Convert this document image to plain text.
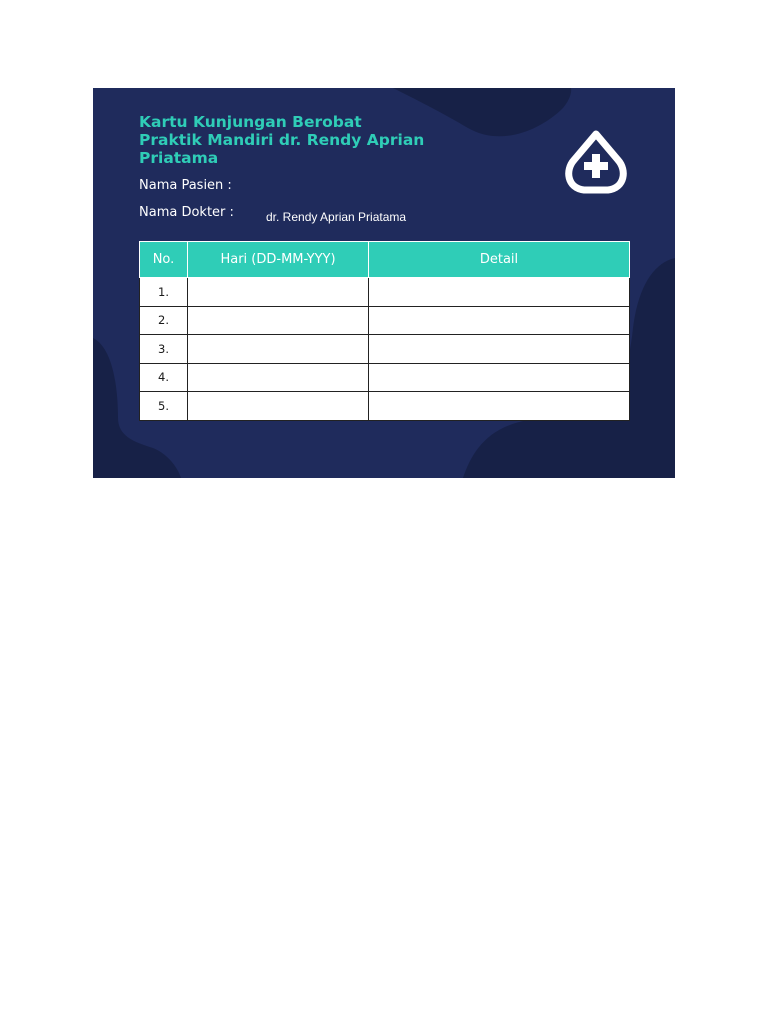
Kartu Kunjungan Berobat
Praktik Mandiri dr. Rendy Aprian
Priatama
Nama Pasien :
Nama Dokter :	dr. Rendy Aprian Priatama
No.	Hari (DD-MM-YYY)	Detail
1.		
2.		
3.		
4.		
5.		
